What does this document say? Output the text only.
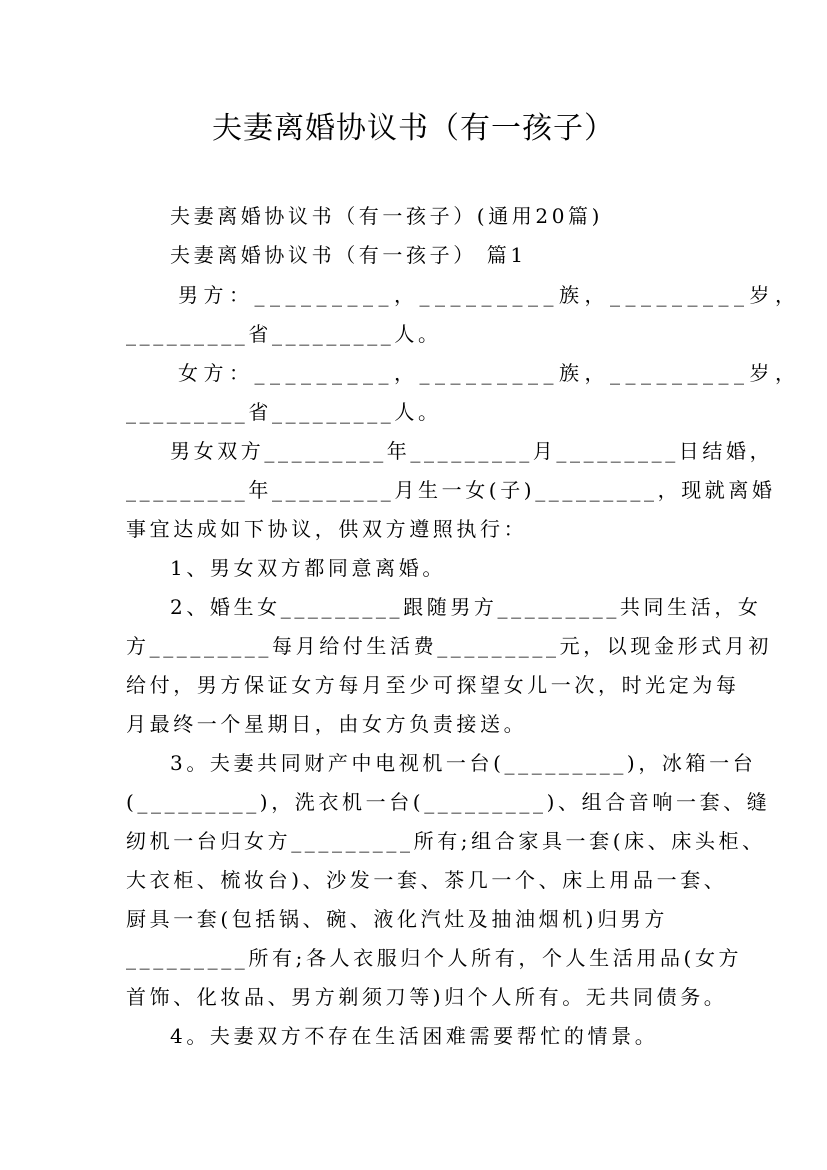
夫妻离婚协议书（有一孩子）
夫妻离婚协议书（有一孩子）(通用20篇)
夫妻离婚协议书（有一孩子） 篇1
男方：_________，_________族，_________岁，
_________省_________人。
女方：_________，_________族，_________岁，
_________省_________人。
男女双方_________年_________月_________日结婚，
_________年_________月生一女(子)_________，现就离婚
事宜达成如下协议，供双方遵照执行：
1、男女双方都同意离婚。
2、婚生女_________跟随男方_________共同生活，女
方_________每月给付生活费_________元，以现金形式月初
给付，男方保证女方每月至少可探望女儿一次，时光定为每
月最终一个星期日，由女方负责接送。
3。夫妻共同财产中电视机一台(_________)，冰箱一台
(_________)，洗衣机一台(_________)、组合音响一套、缝
纫机一台归女方_________所有;组合家具一套(床、床头柜、
大衣柜、梳妆台)、沙发一套、茶几一个、床上用品一套、
厨具一套(包括锅、碗、液化汽灶及抽油烟机)归男方
_________所有;各人衣服归个人所有，个人生活用品(女方
首饰、化妆品、男方剃须刀等)归个人所有。无共同债务。
4。夫妻双方不存在生活困难需要帮忙的情景。
